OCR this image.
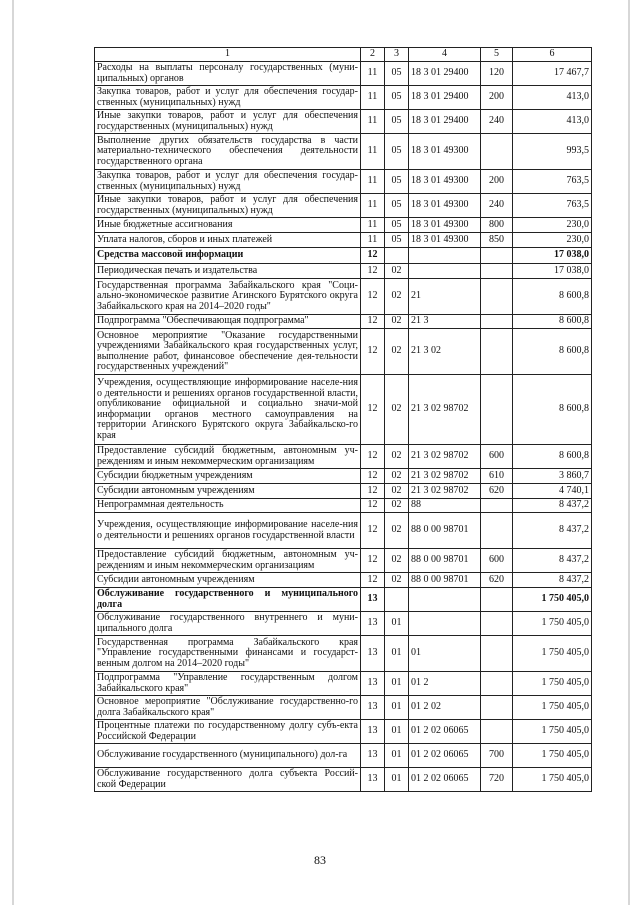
1	2	3	4	5	6
Расходы на выплаты персоналу государственных (муни-ципальных) органов	11	05	18 3 01 29400	120	17 467,7
Закупка товаров, работ и услуг для обеспечения государ-ственных (муниципальных) нужд	11	05	18 3 01 29400	200	413,0
Иные закупки товаров, работ и услуг для обеспечения государственных (муниципальных) нужд	11	05	18 3 01 29400	240	413,0
Выполнение других обязательств государства в части материально-технического обеспечения деятельности государственного органа	11	05	18 3 01 49300		993,5
Закупка товаров, работ и услуг для обеспечения государ-ственных (муниципальных) нужд	11	05	18 3 01 49300	200	763,5
Иные закупки товаров, работ и услуг для обеспечения государственных (муниципальных) нужд	11	05	18 3 01 49300	240	763,5
Иные бюджетные ассигнования	11	05	18 3 01 49300	800	230,0
Уплата налогов, сборов и иных платежей	11	05	18 3 01 49300	850	230,0
Средства массовой информации	12				17 038,0
Периодическая печать и издательства	12	02			17 038,0
Государственная программа Забайкальского края "Соци-ально-экономическое развитие Агинского Бурятского округа Забайкальского края на 2014–2020 годы"	12	02	21		8 600,8
Подпрограмма "Обеспечивающая подпрограмма"	12	02	21 3		8 600,8
Основное мероприятие "Оказание государственными учреждениями Забайкальского края государственных услуг, выполнение работ, финансовое обеспечение дея-тельности государственных учреждений"	12	02	21 3 02		8 600,8
Учреждения, осуществляющие информирование населе-ния о деятельности и решениях органов государственной власти, опубликование официальной и социально значи-мой информации органов местного самоуправления на территории Агинского Бурятского округа Забайкальско-го края	12	02	21 3 02 98702		8 600,8
Предоставление субсидий бюджетным, автономным уч-реждениям и иным некоммерческим организациям	12	02	21 3 02 98702	600	8 600,8
Субсидии бюджетным учреждениям	12	02	21 3 02 98702	610	3 860,7
Субсидии автономным учреждениям	12	02	21 3 02 98702	620	4 740,1
Непрограммная деятельность	12	02	88		8 437,2
Учреждения, осуществляющие информирование населе-ния о деятельности и решениях органов государственной власти	12	02	88 0 00 98701		8 437,2
Предоставление субсидий бюджетным, автономным уч-реждениям и иным некоммерческим организациям	12	02	88 0 00 98701	600	8 437,2
Субсидии автономным учреждениям	12	02	88 0 00 98701	620	8 437,2
Обслуживание государственного и муниципального долга	13				1 750 405,0
Обслуживание государственного внутреннего и муни-ципального долга	13	01			1 750 405,0
Государственная программа Забайкальского края "Управление государственными финансами и государст-венным долгом на 2014–2020 годы"	13	01	01		1 750 405,0
Подпрограмма "Управление государственным долгом Забайкальского края"	13	01	01 2		1 750 405,0
Основное мероприятие "Обслуживание государственно-го долга Забайкальского края"	13	01	01 2 02		1 750 405,0
Процентные платежи по государственному долгу субъ-екта Российской Федерации	13	01	01 2 02 06065		1 750 405,0
Обслуживание государственного (муниципального) дол-га	13	01	01 2 02 06065	700	1 750 405,0
Обслуживание государственного долга субъекта Россий-ской Федерации	13	01	01 2 02 06065	720	1 750 405,0
83
